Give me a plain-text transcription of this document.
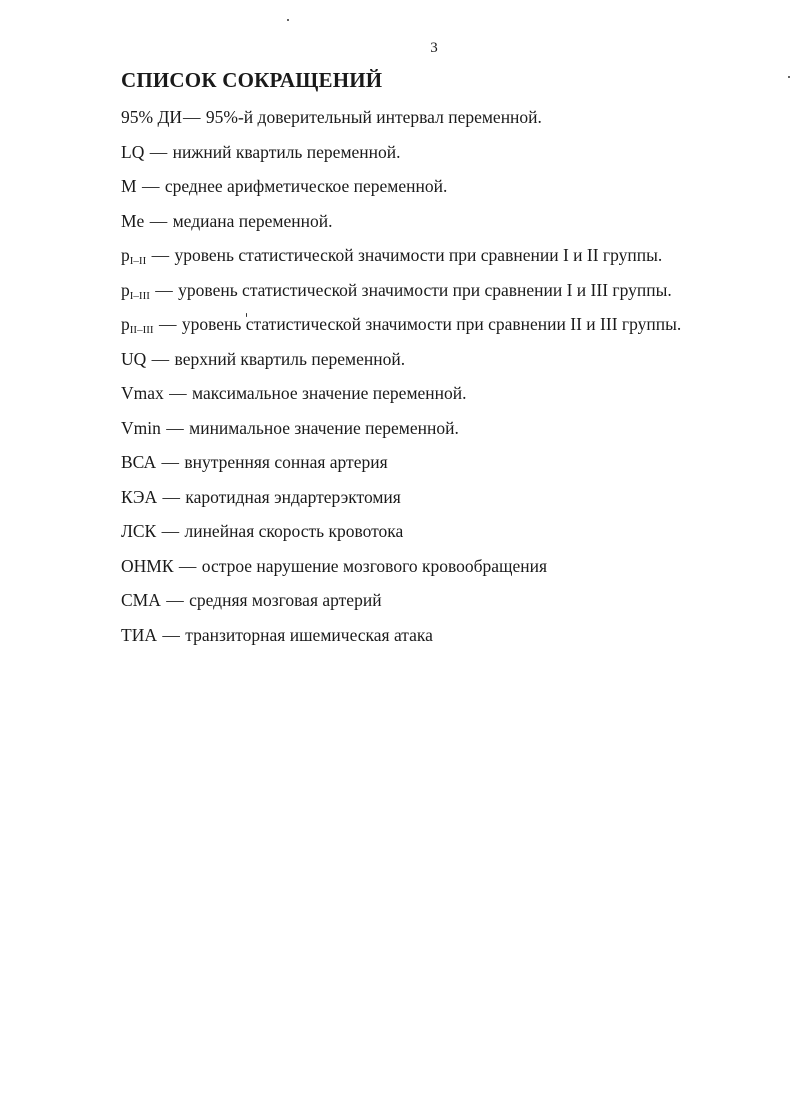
3
СПИСОК СОКРАЩЕНИЙ
95% ДИ— 95%-й доверительный интервал переменной.
LQ — нижний квартиль переменной.
M — среднее арифметическое переменной.
Me — медиана переменной.
$p_{I-II}$ — уровень статистической значимости при сравнении I и II группы.
$p_{I-III}$ — уровень статистической значимости при сравнении I и III группы.
$p_{II-III}$ — уровень статистической значимости при сравнении II и III группы.
UQ — верхний квартиль переменной.
Vmax — максимальное значение переменной.
Vmin — минимальное значение переменной.
ВСА — внутренняя сонная артерия
КЭА — каротидная эндартерэктомия
ЛСК — линейная скорость кровотока
ОНМК — острое нарушение мозгового кровообращения
СМА — средняя мозговая артерий
ТИА — транзиторная ишемическая атака
